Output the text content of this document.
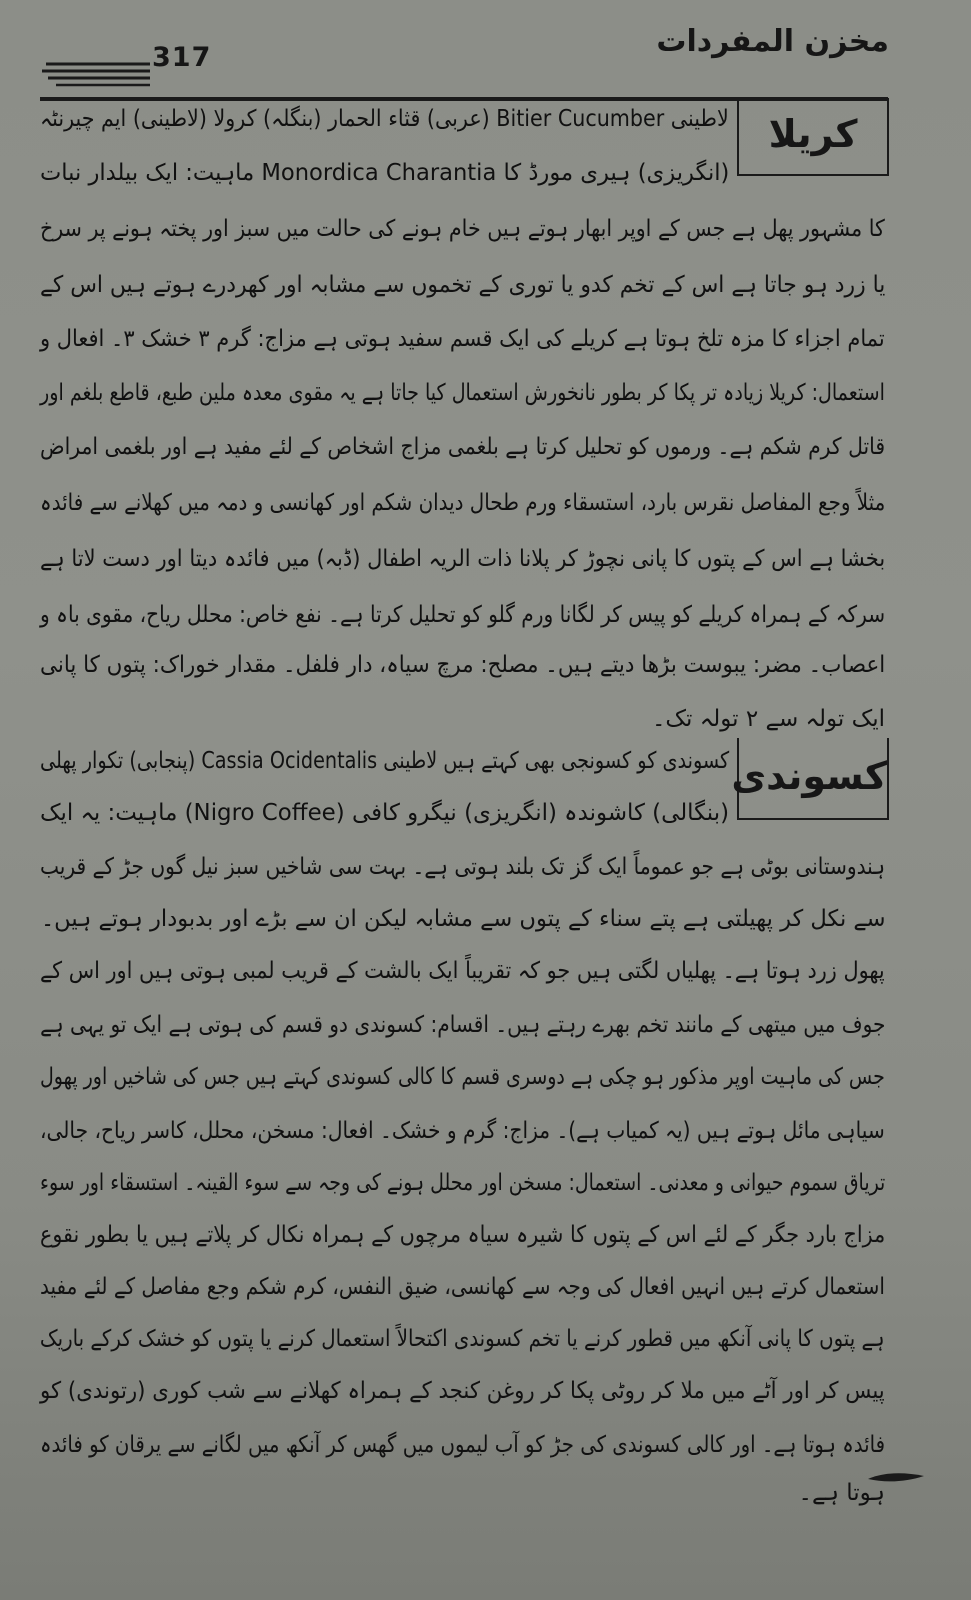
مخزن المفردات
317
کریلا
لاطینی Bitier Cucumber (عربی) قثاء الحمار (بنگلہ) کرولا (لاطینی) ایم چیرنٹہ
(انگریزی) ہیری مورڈ کا Monordica Charantia ماہیت: ایک بیلدار نبات
کا مشہور پھل ہے جس کے اوپر ابھار ہوتے ہیں خام ہونے کی حالت میں سبز اور پختہ ہونے پر سرخ
یا زرد ہو جاتا ہے اس کے تخم کدو یا توری کے تخموں سے مشابہ اور کھردرے ہوتے ہیں اس کے
تمام اجزاء کا مزہ تلخ ہوتا ہے کریلے کی ایک قسم سفید ہوتی ہے مزاج: گرم ۳ خشک ۳۔ افعال و
استعمال: کریلا زیادہ تر پکا کر بطور نانخورش استعمال کیا جاتا ہے یہ مقوی معدہ ملین طبع، قاطع بلغم اور
قاتل کرم شکم ہے۔ ورموں کو تحلیل کرتا ہے بلغمی مزاج اشخاص کے لئے مفید ہے اور بلغمی امراض
مثلاً وجع المفاصل نقرس بارد، استسقاء ورم طحال دیدان شکم اور کھانسی و دمہ میں کھلانے سے فائدہ
بخشا ہے اس کے پتوں کا پانی نچوڑ کر پلانا ذات الریہ اطفال (ڈبہ) میں فائدہ دیتا اور دست لاتا ہے
سرکہ کے ہمراہ کریلے کو پیس کر لگانا ورم گلو کو تحلیل کرتا ہے۔ نفع خاص: محلل ریاح، مقوی باہ و
اعصاب۔ مضر: یبوست بڑھا دیتے ہیں۔ مصلح: مرچ سیاہ، دار فلفل۔ مقدار خوراک: پتوں کا پانی
ایک تولہ سے ۲ تولہ تک۔
کسوندی
کسوندی کو کسونجی بھی کہتے ہیں لاطینی Cassia Ocidentalis (پنجابی) تکوار پھلی
(بنگالی) کاشوندہ (انگریزی) نیگرو کافی (Nigro Coffee) ماہیت: یہ ایک
ہندوستانی بوٹی ہے جو عموماً ایک گز تک بلند ہوتی ہے۔ بہت سی شاخیں سبز نیل گوں جڑ کے قریب
سے نکل کر پھیلتی ہے پتے سناء کے پتوں سے مشابہ لیکن ان سے بڑے اور بدبودار ہوتے ہیں۔
پھول زرد ہوتا ہے۔ پھلیاں لگتی ہیں جو کہ تقریباً ایک بالشت کے قریب لمبی ہوتی ہیں اور اس کے
جوف میں میتھی کے مانند تخم بھرے رہتے ہیں۔ اقسام: کسوندی دو قسم کی ہوتی ہے ایک تو یہی ہے
جس کی ماہیت اوپر مذکور ہو چکی ہے دوسری قسم کا کالی کسوندی کہتے ہیں جس کی شاخیں اور پھول
سیاہی مائل ہوتے ہیں (یہ کمیاب ہے)۔ مزاج: گرم و خشک۔ افعال: مسخن، محلل، کاسر ریاح، جالی،
تریاق سموم حیوانی و معدنی۔ استعمال: مسخن اور محلل ہونے کی وجہ سے سوء القینہ۔ استسقاء اور سوء
مزاج بارد جگر کے لئے اس کے پتوں کا شیرہ سیاہ مرچوں کے ہمراہ نکال کر پلاتے ہیں یا بطور نقوع
استعمال کرتے ہیں انہیں افعال کی وجہ سے کھانسی، ضیق النفس، کرم شکم وجع مفاصل کے لئے مفید
ہے پتوں کا پانی آنکھ میں قطور کرنے یا تخم کسوندی اکتحالاً استعمال کرنے یا پتوں کو خشک کرکے باریک
پیس کر اور آٹے میں ملا کر روٹی پکا کر روغن کنجد کے ہمراہ کھلانے سے شب کوری (رتوندی) کو
فائدہ ہوتا ہے۔ اور کالی کسوندی کی جڑ کو آب لیموں میں گھس کر آنکھ میں لگانے سے یرقان کو فائدہ
ہوتا ہے۔
